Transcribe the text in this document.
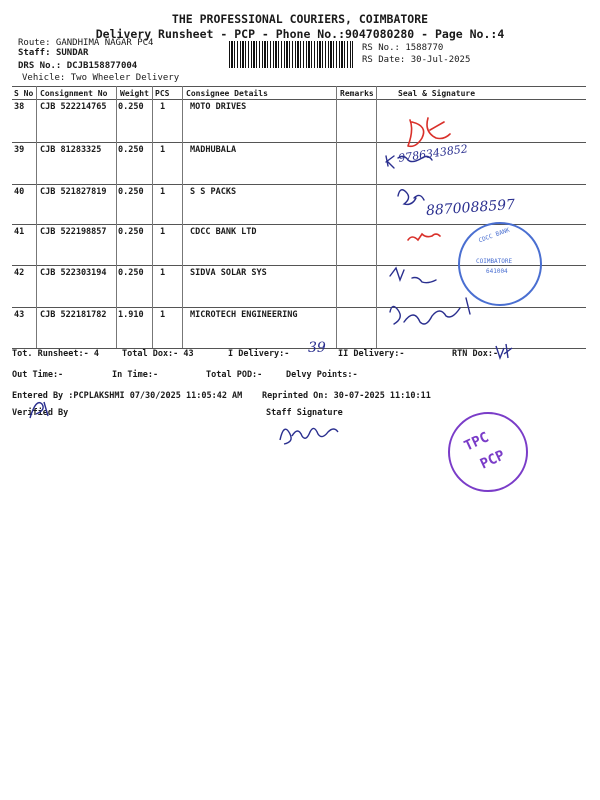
THE PROFESSIONAL COURIERS, COIMBATORE
Delivery Runsheet - PCP - Phone No.:9047080280 - Page No.:4
Route: GANDHIMA NAGAR PC4
Staff: SUNDAR
DRS No.: DCJB158877004
Vehicle: Two Wheeler Delivery
RS No.: 1588770
RS Date: 30-Jul-2025
S No Consignment No Weight PCS Consignee Details	Remarks	Seal & Signature
38 CJB 522214765 0.250 1	MOTO DRIVES
39 CJB 81283325 0.250 1	MADHUBALA
40 CJB 521827819 0.250 1	S S PACKS
41 CJB 522198857 0.250 1	CDCC BANK LTD
42 CJB 522303194 0.250 1	SIDVA SOLAR SYS
43 CJB 522181782 1.910 1	MICROTECH ENGINEERING
9786343852
8870088597
CDCC BANK
COIMBATORE
641004
Tot. Runsheet:- 4	Total Dox:- 43	I Delivery:- 39 II Delivery:-	RTN Dox:-
Out Time:-	In Time:-	Total POD:-	Delvy Points:-
Entered By :PCPLAKSHMI 07/30/2025 11:05:42 AM Reprinted On: 30-07-2025 11:10:11
Verified By	Staff Signature
TPC
PCP
